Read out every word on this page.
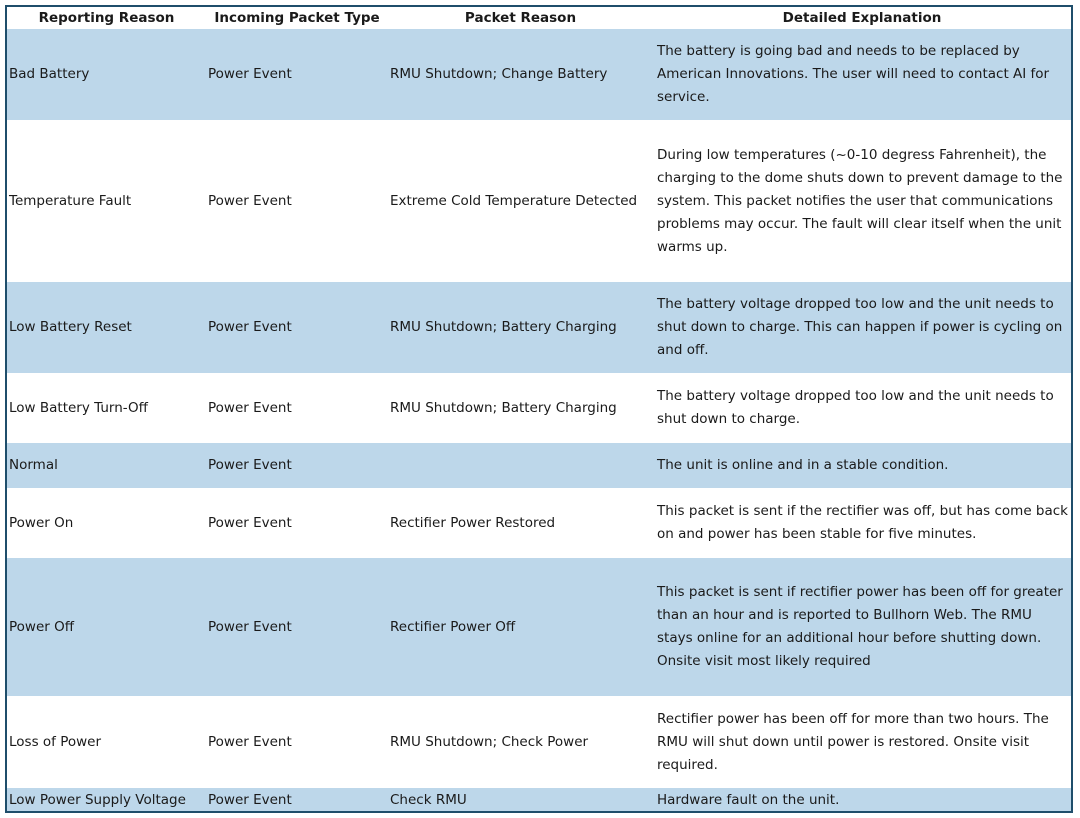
Reporting Reason	Incoming Packet Type	Packet Reason	Detailed Explanation
Bad Battery	Power Event	RMU Shutdown; Change Battery	The battery is going bad and needs to be replaced by American Innovations. The user will need to contact AI for service.
Temperature Fault	Power Event	Extreme Cold Temperature Detected	During low temperatures (~0-10 degress Fahrenheit), the charging to the dome shuts down to prevent damage to the system. This packet notifies the user that communications problems may occur. The fault will clear itself when the unit warms up.
Low Battery Reset	Power Event	RMU Shutdown; Battery Charging	The battery voltage dropped too low and the unit needs to shut down to charge. This can happen if power is cycling on and off.
Low Battery Turn-Off	Power Event	RMU Shutdown; Battery Charging	The battery voltage dropped too low and the unit needs to shut down to charge.
Normal	Power Event		The unit is online and in a stable condition.
Power On	Power Event	Rectifier Power Restored	This packet is sent if the rectifier was off, but has come back on and power has been stable for five minutes.
Power Off	Power Event	Rectifier Power Off	This packet is sent if rectifier power has been off for greater than an hour and is reported to Bullhorn Web. The RMU stays online for an additional hour before shutting down. Onsite visit most likely required
Loss of Power	Power Event	RMU Shutdown; Check Power	Rectifier power has been off for more than two hours. The RMU will shut down until power is restored. Onsite visit required.
Low Power Supply Voltage	Power Event	Check RMU	Hardware fault on the unit.
